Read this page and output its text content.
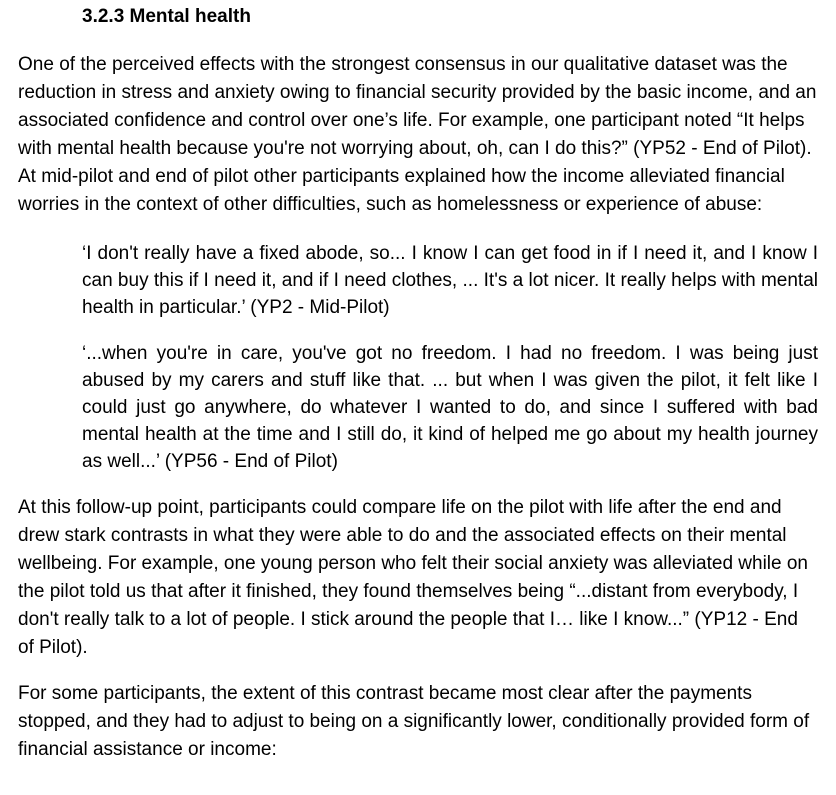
3.2.3 Mental health

One of the perceived effects with the strongest consensus in our qualitative dataset was the reduction in stress and anxiety owing to financial security provided by the basic income, and an associated confidence and control over one’s life. For example, one participant noted “It helps with mental health because you're not worrying about, oh, can I do this?” (YP52 - End of Pilot). At mid-pilot and end of pilot other participants explained how the income alleviated financial worries in the context of other difficulties, such as homelessness or experience of abuse:

‘I don't really have a fixed abode, so... I know I can get food in if I need it, and I know I can buy this if I need it, and if I need clothes, ... It's a lot nicer. It really helps with mental health in particular.’ (YP2 - Mid-Pilot)

‘...when you're in care, you've got no freedom. I had no freedom. I was being just abused by my carers and stuff like that. ... but when I was given the pilot, it felt like I could just go anywhere, do whatever I wanted to do, and since I suffered with bad mental health at the time and I still do, it kind of helped me go about my health journey as well...’ (YP56 - End of Pilot)

At this follow-up point, participants could compare life on the pilot with life after the end and drew stark contrasts in what they were able to do and the associated effects on their mental wellbeing. For example, one young person who felt their social anxiety was alleviated while on the pilot told us that after it finished, they found themselves being “...distant from everybody, I don't really talk to a lot of people. I stick around the people that I… like I know...” (YP12 - End of Pilot).

For some participants, the extent of this contrast became most clear after the payments stopped, and they had to adjust to being on a significantly lower, conditionally provided form of financial assistance or income:
